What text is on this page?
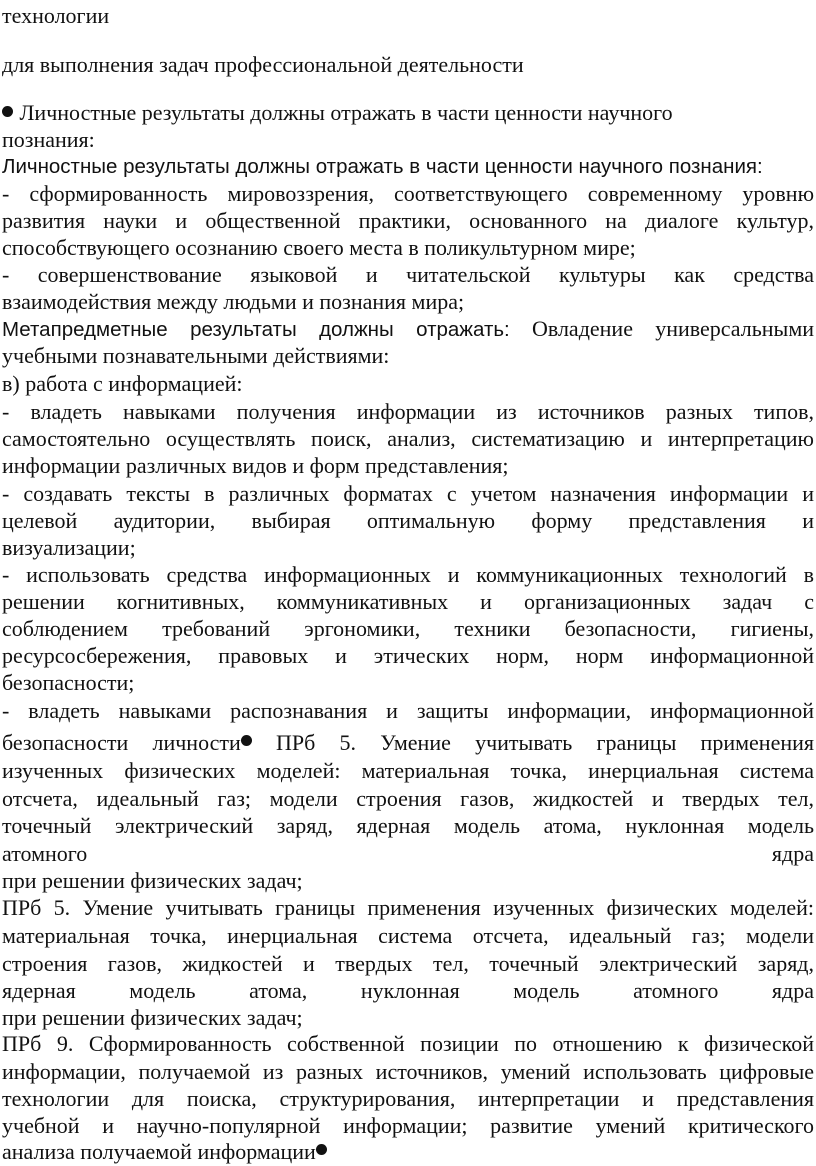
технологии
для выполнения задач профессиональной деятельности
Личностные результаты должны отражать в части ценности научного
познания:
Личностные результаты должны отражать в части ценности научного познания:
- сформированность мировоззрения, соответствующего современному уровню
развития науки и общественной практики, основанного на диалоге культур,
способствующего осознанию своего места в поликультурном мире;
- совершенствование языковой и читательской культуры как средства
взаимодействия между людьми и познания мира;
Метапредметные результаты должны отражать: Овладение универсальными
учебными познавательными действиями:
в) работа с информацией:
- владеть навыками получения информации из источников разных типов,
самостоятельно осуществлять поиск, анализ, систематизацию и интерпретацию
информации различных видов и форм представления;
- создавать тексты в различных форматах с учетом назначения информации и
целевой аудитории, выбирая оптимальную форму представления и
визуализации;
- использовать средства информационных и коммуникационных технологий в
решении когнитивных, коммуникативных и организационных задач с
соблюдением требований эргономики, техники безопасности, гигиены,
ресурсосбережения, правовых и этических норм, норм информационной
безопасности;
- владеть навыками распознавания и защиты информации, информационной
безопасности личности ПРб 5. Умение учитывать границы применения
изученных физических моделей: материальная точка, инерциальная система
отсчета, идеальный газ; модели строения газов, жидкостей и твердых тел,
точечный электрический заряд, ядерная модель атома, нуклонная модель
атомного ядра
при решении физических задач;
ПРб 5. Умение учитывать границы применения изученных физических моделей:
материальная точка, инерциальная система отсчета, идеальный газ; модели
строения газов, жидкостей и твердых тел, точечный электрический заряд,
ядерная модель атома, нуклонная модель атомного ядра
при решении физических задач;
ПРб 9. Сформированность собственной позиции по отношению к физической
информации, получаемой из разных источников, умений использовать цифровые
технологии для поиска, структурирования, интерпретации и представления
учебной и научно-популярной информации; развитие умений критического
анализа получаемой информации
